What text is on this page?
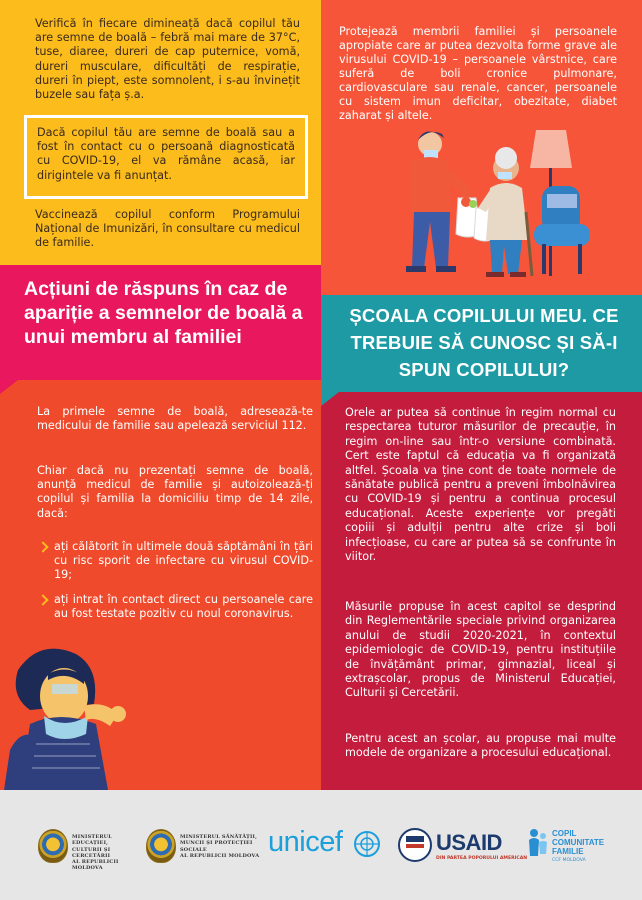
Verifică în fiecare dimineață dacă copilul tău are semne de boală – febră mai mare de 37°C, tuse, diaree, dureri de cap puternice, vomă, dureri musculare, dificultăți de respirație, dureri în piept, este somnolent, i s-au învinețit buzele sau fața ș.a.

Dacă copilul tău are semne de boală sau a fost în contact cu o persoană diagnosticată cu COVID-19, el va rămâne acasă, iar dirigintele va fi anunțat.

Vaccinează copilul conform Programului Național de Imunizări, în consultare cu medicul de familie.

Protejează membrii familiei și persoanele apropiate care ar putea dezvolta forme grave ale virusului COVID-19 – persoanele vârstnice, care suferă de boli cronice pulmonare, cardiovasculare sau renale, cancer, persoanele cu sistem imun deficitar, obezitate, diabet zaharat și altele.

Acțiuni de răspuns în caz de apariție a semnelor de boală a unui membru al familiei
ȘCOALA COPILULUI MEU. CE TREBUIE SĂ CUNOSC ȘI SĂ-I SPUN COPILULUI?

La primele semne de boală, adresează-te medicului de familie sau apelează serviciul 112.

Chiar dacă nu prezentați semne de boală, anunță medicul de familie și autoizolează-ți copilul și familia la domiciliu timp de 14 zile, dacă:

ați călătorit în ultimele două săptămâni în țări cu risc sporit de infectare cu virusul COVID-19;
ați intrat în contact direct cu persoanele care au fost testate pozitiv cu noul coronavirus.

Orele ar putea să continue în regim normal cu respectarea tuturor măsurilor de precauție, în regim on-line sau într-o versiune combinată. Cert este faptul că educația va fi organizată altfel. Școala va ține cont de toate normele de sănătate publică pentru a preveni îmbolnăvirea cu COVID-19 și pentru a continua procesul educațional. Aceste experiențe vor pregăti copiii și adulții pentru alte crize și boli infecțioase, cu care ar putea să se confrunte în viitor.

Măsurile propuse în acest capitol se desprind din Reglementările speciale privind organizarea anului de studii 2020-2021, în contextul epidemiologic de COVID-19, pentru instituțiile de învățământ primar, gimnazial, liceal și extrașcolar, propus de Ministerul Educației, Culturii și Cercetării.

Pentru acest an școlar, au propuse mai multe modele de organizare a procesului educațional.

MINISTERUL EDUCAȚIEI,
CULTURII ȘI CERCETĂRII
AL REPUBLICII MOLDOVA
MINISTERUL SĂNĂTĂȚII,
MUNCII ȘI PROTECȚIEI SOCIALE
AL REPUBLICII MOLDOVA unicef	USAID
DIN PARTEA POPORULUI AMERICAN
COPIL
COMUNITATE
FAMILIE
CCF MOLDOVA
